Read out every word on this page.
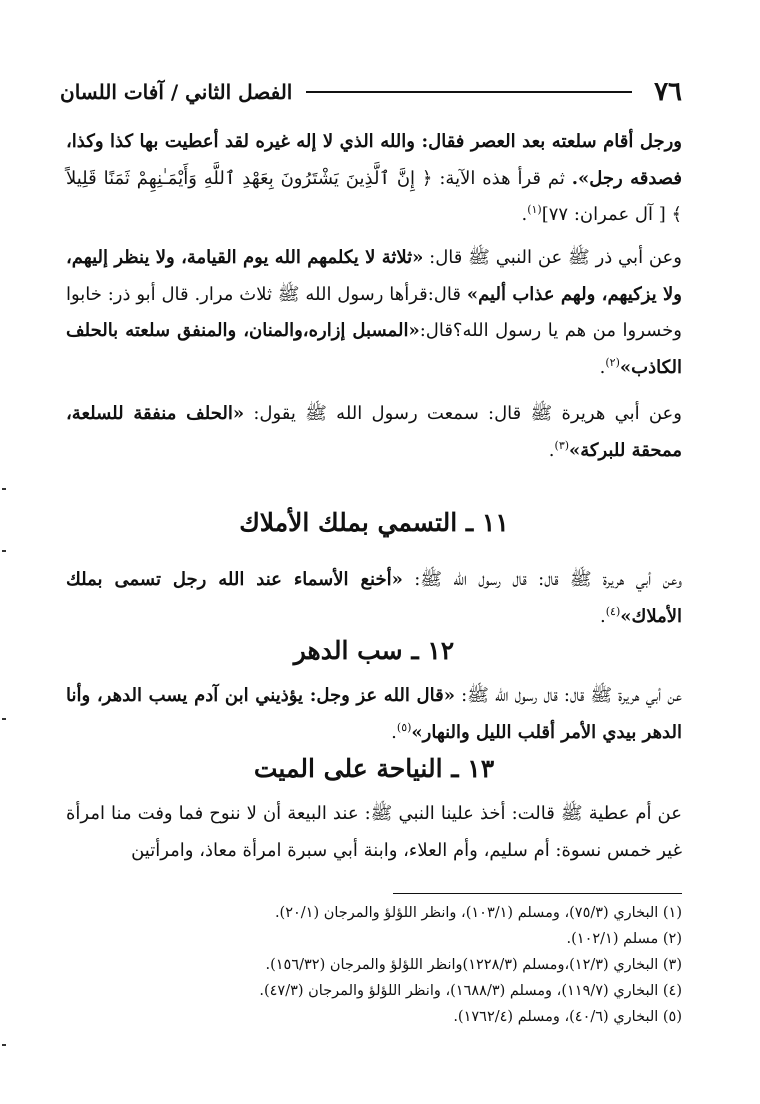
٧٦
الفصل الثاني / آفات اللسان
ورجل أقام سلعته بعد العصر فقال: والله الذي لا إله غيره لقد أعطيت بها كذا وكذا، فصدقه رجل». ثم قرأ هذه الآية: ﴿ إِنَّ ٱلَّذِينَ يَشْتَرُونَ بِعَهْدِ ٱللَّهِ وَأَيْمَـٰنِهِمْ ثَمَنًا قَلِيلاً ﴾ [ آل عمران: ٧٧]$^{(١)}$.
وعن أبي ذر ﷺ عن النبي ﷺ قال: «ثلاثة لا يكلمهم الله يوم القيامة، ولا ينظر إليهم، ولا يزكيهم، ولهم عذاب أليم» قال:قرأها رسول الله ﷺ ثلاث مرار. قال أبو ذر: خابوا وخسروا من هم يا رسول الله؟قال:«المسبل إزاره،والمنان، والمنفق سلعته بالحلف الكاذب»$^{(٢)}$.
وعن أبي هريرة ﷺ قال: سمعت رسول الله ﷺ يقول: «الحلف منفقة للسلعة، ممحقة للبركة»$^{(٣)}$.
١١ ـ التسمي بملك الأملاك
وعن أبي هريرة ﷺ قال: قال رسول الله ﷺ: «أخنع الأسماء عند الله رجل تسمى بملك الأملاك»$^{(٤)}$.
١٢ ـ سب الدهر
عن أبي هريرة ﷺ قال: قال رسول الله ﷺ: «قال الله عز وجل: يؤذيني ابن آدم يسب الدهر، وأنا الدهر بيدي الأمر أقلب الليل والنهار»$^{(٥)}$.
١٣ ـ النياحة على الميت
عن أم عطية ﷺ قالت: أخذ علينا النبي ﷺ: عند البيعة أن لا ننوح فما وفت منا امرأة غير خمس نسوة: أم سليم، وأم العلاء، وابنة أبي سبرة امرأة معاذ، وامرأتين
(١) البخاري (٧٥/٣)، ومسلم (١٠٣/١)، وانظر اللؤلؤ والمرجان (٢٠/١).
(٢) مسلم (١٠٢/١).
(٣) البخاري (١٢/٣)،ومسلم (١٢٢٨/٣)وانظر اللؤلؤ والمرجان (١٥٦/٣٢).
(٤) البخاري (١١٩/٧)، ومسلم (١٦٨٨/٣)، وانظر اللؤلؤ والمرجان (٤٧/٣).
(٥) البخاري (٤٠/٦)، ومسلم (١٧٦٢/٤).
